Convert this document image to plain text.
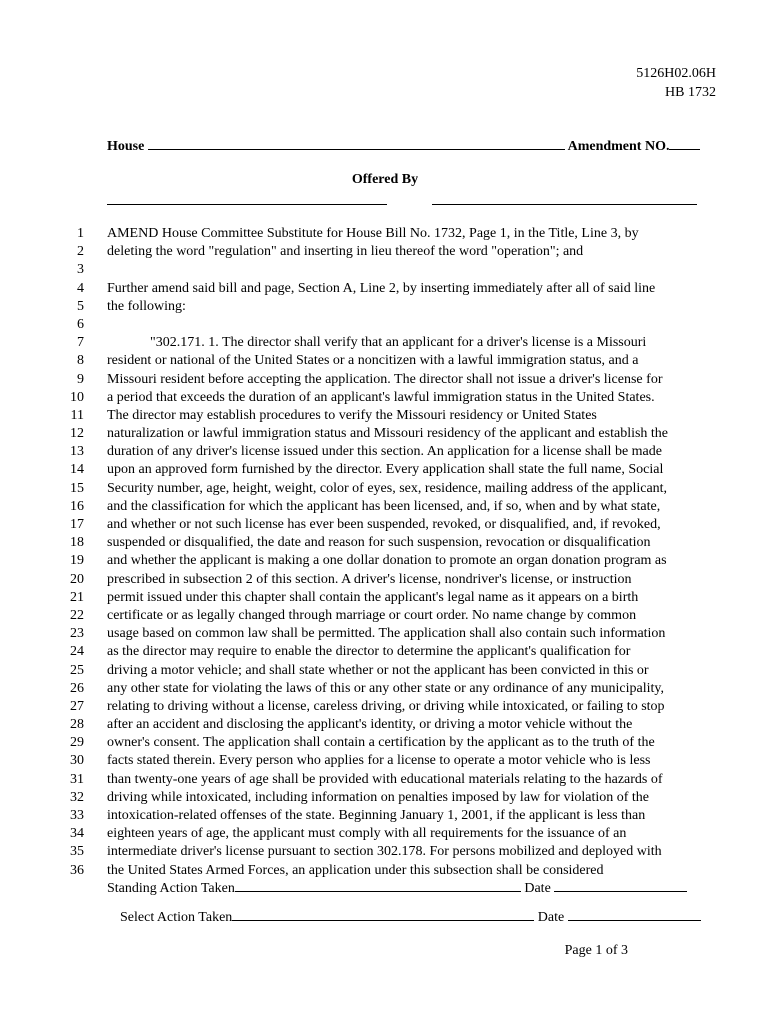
5126H02.06H
HB 1732
House	Amendment NO.
Offered By
1 AMEND House Committee Substitute for House Bill No. 1732, Page 1, in the Title, Line 3, by
2 deleting the word "regulation" and inserting in lieu thereof the word "operation"; and
3
4 Further amend said bill and page, Section A, Line 2, by inserting immediately after all of said line
5 the following:
6
7	"302.171. 1. The director shall verify that an applicant for a driver's license is a Missouri
8 resident or national of the United States or a noncitizen with a lawful immigration status, and a
9 Missouri resident before accepting the application. The director shall not issue a driver's license for
10 a period that exceeds the duration of an applicant's lawful immigration status in the United States.
11 The director may establish procedures to verify the Missouri residency or United States
12 naturalization or lawful immigration status and Missouri residency of the applicant and establish the
13 duration of any driver's license issued under this section. An application for a license shall be made
14 upon an approved form furnished by the director. Every application shall state the full name, Social
15 Security number, age, height, weight, color of eyes, sex, residence, mailing address of the applicant,
16 and the classification for which the applicant has been licensed, and, if so, when and by what state,
17 and whether or not such license has ever been suspended, revoked, or disqualified, and, if revoked,
18 suspended or disqualified, the date and reason for such suspension, revocation or disqualification
19 and whether the applicant is making a one dollar donation to promote an organ donation program as
20 prescribed in subsection 2 of this section. A driver's license, nondriver's license, or instruction
21 permit issued under this chapter shall contain the applicant's legal name as it appears on a birth
22 certificate or as legally changed through marriage or court order. No name change by common
23 usage based on common law shall be permitted. The application shall also contain such information
24 as the director may require to enable the director to determine the applicant's qualification for
25 driving a motor vehicle; and shall state whether or not the applicant has been convicted in this or
26 any other state for violating the laws of this or any other state or any ordinance of any municipality,
27 relating to driving without a license, careless driving, or driving while intoxicated, or failing to stop
28 after an accident and disclosing the applicant's identity, or driving a motor vehicle without the
29 owner's consent. The application shall contain a certification by the applicant as to the truth of the
30 facts stated therein. Every person who applies for a license to operate a motor vehicle who is less
31 than twenty-one years of age shall be provided with educational materials relating to the hazards of
32 driving while intoxicated, including information on penalties imposed by law for violation of the
33 intoxication-related offenses of the state. Beginning January 1, 2001, if the applicant is less than
34 eighteen years of age, the applicant must comply with all requirements for the issuance of an
35 intermediate driver's license pursuant to section 302.178. For persons mobilized and deployed with
36 the United States Armed Forces, an application under this subsection shall be considered
Standing Action Taken	Date
Select Action Taken	Date
Page 1 of 3
